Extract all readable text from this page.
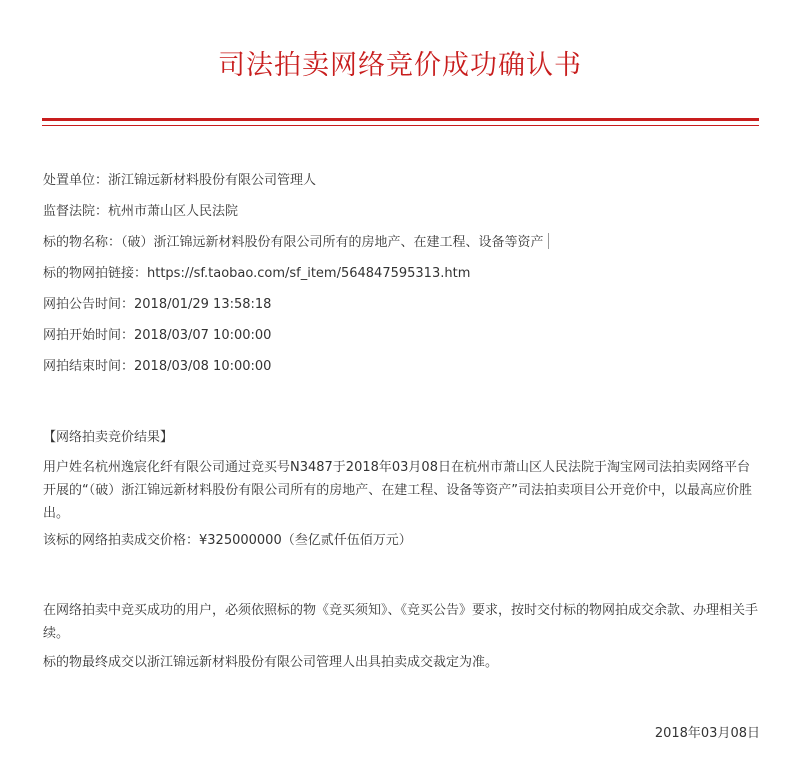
司法拍卖网络竞价成功确认书
处置单位：浙江锦远新材料股份有限公司管理人
监督法院：杭州市萧山区人民法院
标的物名称：（破）浙江锦远新材料股份有限公司所有的房地产、在建工程、设备等资产
标的物网拍链接：https://sf.taobao.com/sf_item/564847595313.htm
网拍公告时间：2018/01/29 13:58:18
网拍开始时间：2018/03/07 10:00:00
网拍结束时间：2018/03/08 10:00:00
【网络拍卖竞价结果】
用户姓名杭州逸宸化纤有限公司通过竞买号N3487于2018年03月08日在杭州市萧山区人民法院于淘宝网司法拍卖网络平台开展的“（破）浙江锦远新材料股份有限公司所有的房地产、在建工程、设备等资产”司法拍卖项目公开竞价中，以最高应价胜出。
该标的网络拍卖成交价格：¥325000000（叁亿贰仟伍佰万元）
在网络拍卖中竞买成功的用户，必须依照标的物《竞买须知》、《竞买公告》要求，按时交付标的物网拍成交余款、办理相关手续。
标的物最终成交以浙江锦远新材料股份有限公司管理人出具拍卖成交裁定为准。
2018年03月08日
